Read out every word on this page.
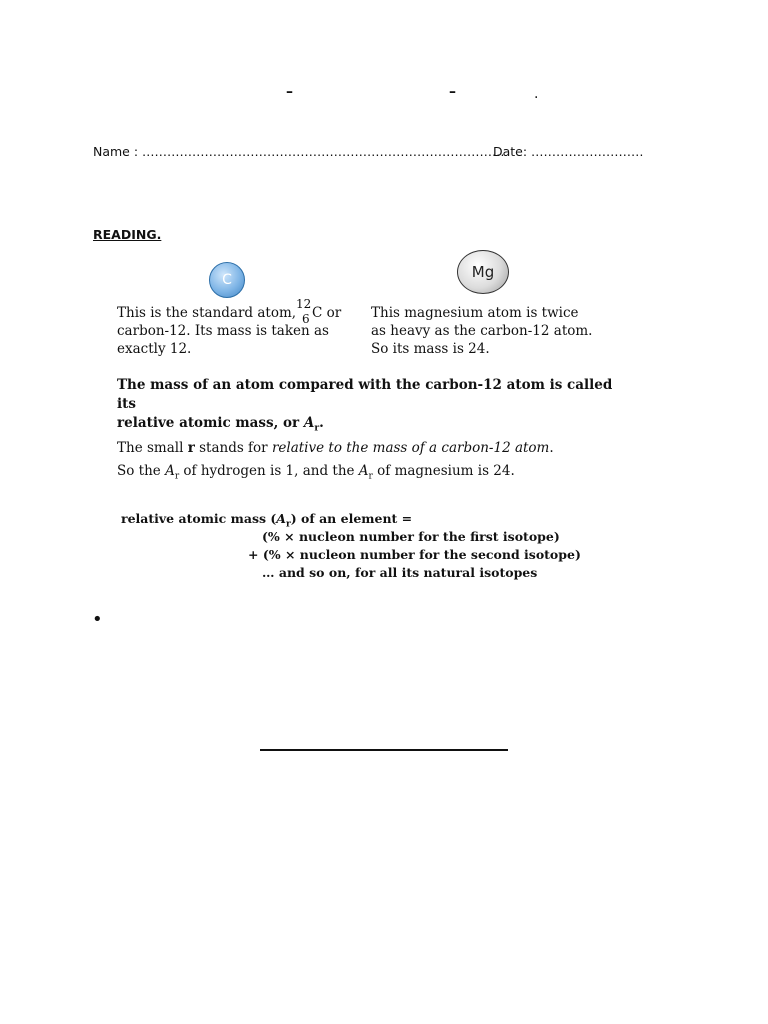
–	–	.
Name : ……………………………………………………………………………
Date: ………………………
READING.
C	Mg
This is the standard atom,
12
6 C or
carbon-12. Its mass is taken as
exactly 12.
This magnesium atom is twice
as heavy as the carbon-12 atom.
So its mass is 24.
The mass of an atom compared with the carbon-12 atom is called its
relative atomic mass, or $A_r$.
The small r stands for relative to the mass of a carbon-12 atom.
So the $A_r$ of hydrogen is 1, and the $A_r$ of magnesium is 24.
relative atomic mass $(A_r)$ of an element =
(% × nucleon number for the first isotope)
+ (% × nucleon number for the second isotope)
… and so on, for all its natural isotopes
•
